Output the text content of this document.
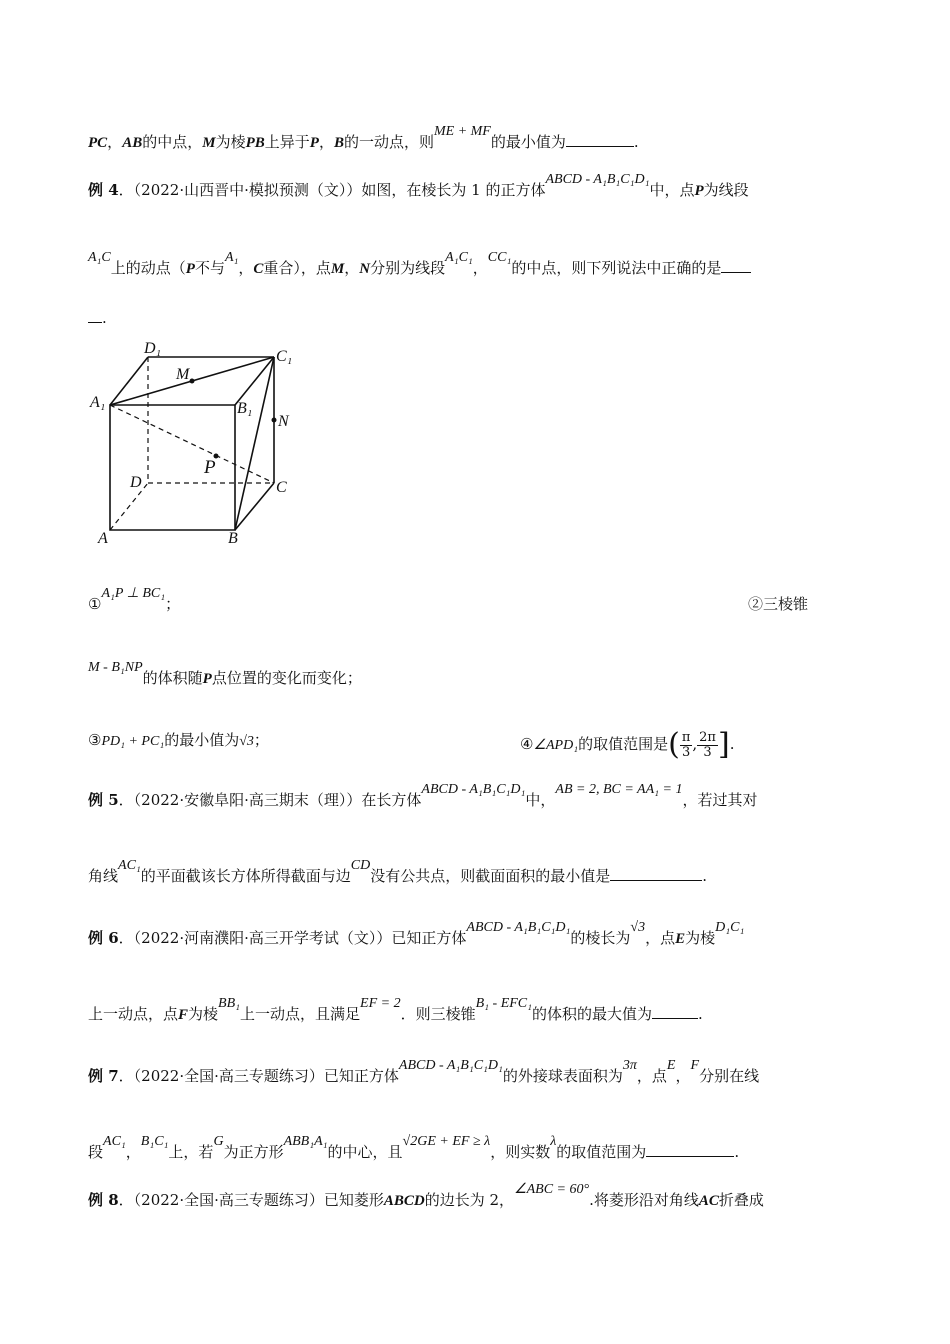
PC，AB的中点，M为棱PB上异于P，B的一动点，则ME + MF的最小值为	.
例 4．（2022·山西晋中·模拟预测（文））如图，在棱长为 1 的正方体ABCD - A₁B₁C₁D₁中，点P为线段
A₁C上的动点（P不与A₁，C重合），点M，N分别为线段A₁C₁，CC₁的中点，则下列说法中正确的是
.
D₁	C₁
M
A₁	B₁
N
P
D	C
A	B
①A₁P ⊥ BC₁；	②三棱锥
M - B₁NP的体积随P点位置的变化而变化；
③PD₁ + PC₁的最小值为√3；	④∠APD₁的取值范围是( $\frac{\pi}{3}$ , $\frac{2\pi}{3}$ ].
例 5．（2022·安徽阜阳·高三期末（理））在长方体ABCD - A₁B₁C₁D₁中，AB = 2, BC = AA₁ = 1，若过其对
角线AC₁的平面截该长方体所得截面与边CD没有公共点，则截面面积的最小值是	.
例 6．（2022·河南濮阳·高三开学考试（文））已知正方体ABCD - A₁B₁C₁D₁的棱长为√3，点E为棱D₁C₁
上一动点，点F为棱BB₁上一动点，且满足EF = 2．则三棱锥B₁ - EFC₁的体积的最大值为	.
例 7．（2022·全国·高三专题练习）已知正方体ABCD - A₁B₁C₁D₁的外接球表面积为3π，点E，F分别在线
段AC₁，B₁C₁上，若G为正方形ABB₁A₁的中心，且√2GE + EF ≥ λ，则实数λ的取值范围为	.
例 8．（2022·全国·高三专题练习）已知菱形ABCD的边长为 2，∠ABC = 60°.将菱形沿对角线AC折叠成
